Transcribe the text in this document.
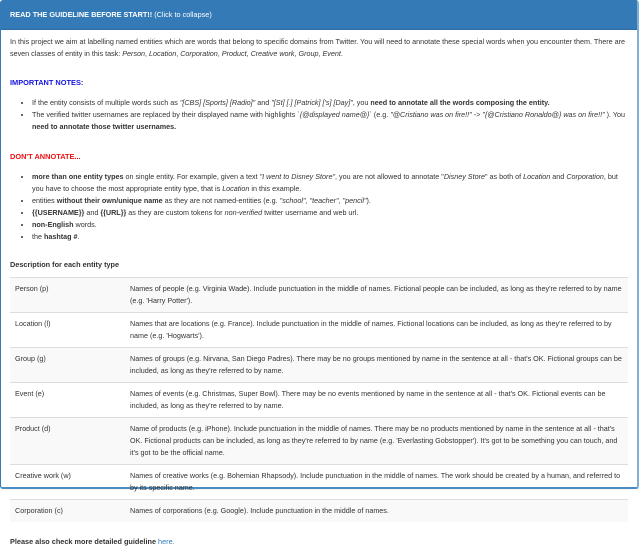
READ THE GUIDELINE BEFORE START!! (Click to collapse)

In this project we aim at labelling named entities which are words that belong to specific domains from Twitter. You will need to annotate these special words when you encounter them. There are seven classes of entity in this task: Person, Location, Corporation, Product, Creative work, Group, Event.

IMPORTANT NOTES:
• If the entity consists of multiple words such as "[CBS] [Sports] [Radio]" and "[St] [.] [Patrick] ['s] [Day]", you need to annotate all the words composing the entity.
• The verified twitter usernames are replaced by their displayed name with highlights `{@displayed name@}` (e.g. "@Cristiano was on fire!!" -> "{@Cristiano Ronaldo@} was on fire!!" ). You need to annotate those twitter usernames.
DON'T ANNOTATE...
• more than one entity types on single entity. For example, given a text "I went to Disney Store", you are not allowed to annotate "Disney Store" as both of Location and Corporation, but you have to choose the most appropriate entity type, that is Location in this example.
• entities without their own/unique name as they are not named-entities (e.g. "school", "teacher", "pencil").
• {{USERNAME}} and {{URL}} as they are custom tokens for non-verified twitter username and web url.
• non-English words.
• the hashtag #.

Description for each entity type

Person (p)	Names of people (e.g. Virginia Wade). Include punctuation in the middle of names. Fictional people can be included, as long as they're referred to by name (e.g. 'Harry Potter').
Location (l)	Names that are locations (e.g. France). Include punctuation in the middle of names. Fictional locations can be included, as long as they're referred to by name (e.g. 'Hogwarts').
Group (g)	Names of groups (e.g. Nirvana, San Diego Padres). There may be no groups mentioned by name in the sentence at all - that's OK. Fictional groups can be included, as long as they're referred to by name.
Event (e)	Names of events (e.g. Christmas, Super Bowl). There may be no events mentioned by name in the sentence at all - that's OK. Fictional events can be included, as long as they're referred to by name.
Product (d)	Name of products (e.g. iPhone). Include punctuation in the middle of names. There may be no products mentioned by name in the sentence at all - that's OK. Fictional products can be included, as long as they're referred to by name (e.g. 'Everlasting Gobstopper'). It's got to be something you can touch, and it's got to be the official name.
Creative work (w)	Names of creative works (e.g. Bohemian Rhapsody). Include punctuation in the middle of names. The work should be created by a human, and referred to by its specific name.
Corporation (c)	Names of corporations (e.g. Google). Include punctuation in the middle of names.

Please also check more detailed guideline here.
